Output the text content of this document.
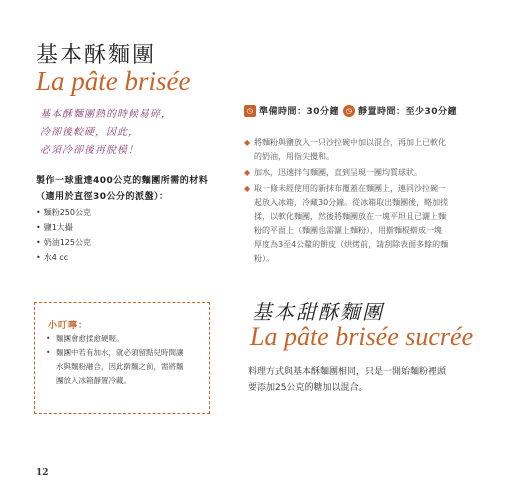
基本酥麵團
La pâte brisée
基本酥麵團熱的時候易碎，
冷卻後較硬，因此，
必須冷卻後再脫模！
製作一球重達400公克的麵團所需的材料
（適用於直徑30公分的派盤）：
• 麵粉250公克
• 鹽1大撮
• 奶油125公克
• 水4 cc
小叮嚀：
• 麵團會愈揉愈硬喔。
• 麵團中若有加水，就必須留點兒時間讓
水與麵粉融合，因此擀麵之前，需將麵
團放入冰箱靜置冷藏。
◷ 準備時間：30分鐘 ◷ 靜置時間：至少30分鐘
◆ 將麵粉與鹽放入一只沙拉碗中加以混合，再加上已軟化
的奶油，用指尖攪和。
◆ 加水，迅速拌勻麵團，直到呈現一團均質球狀。
◆ 取一條未經使用的新抹布覆蓋在麵團上，連同沙拉碗一
起放入冰箱，冷藏30分鐘。從冰箱取出麵團後，略加搓
揉，以軟化麵團，然後將麵團放在一塊平坦且已灑上麵
粉的平面上（麵團也需灑上麵粉），用擀麵棍擀成一塊
厚度為3至4公釐的餅皮（烘烤前，請刮除表面多餘的麵
粉）。
基本甜酥麵團
La pâte brisée sucrée
料理方式與基本酥麵團相同，只是一開始麵粉裡頭
要添加25公克的糖加以混合。
12
